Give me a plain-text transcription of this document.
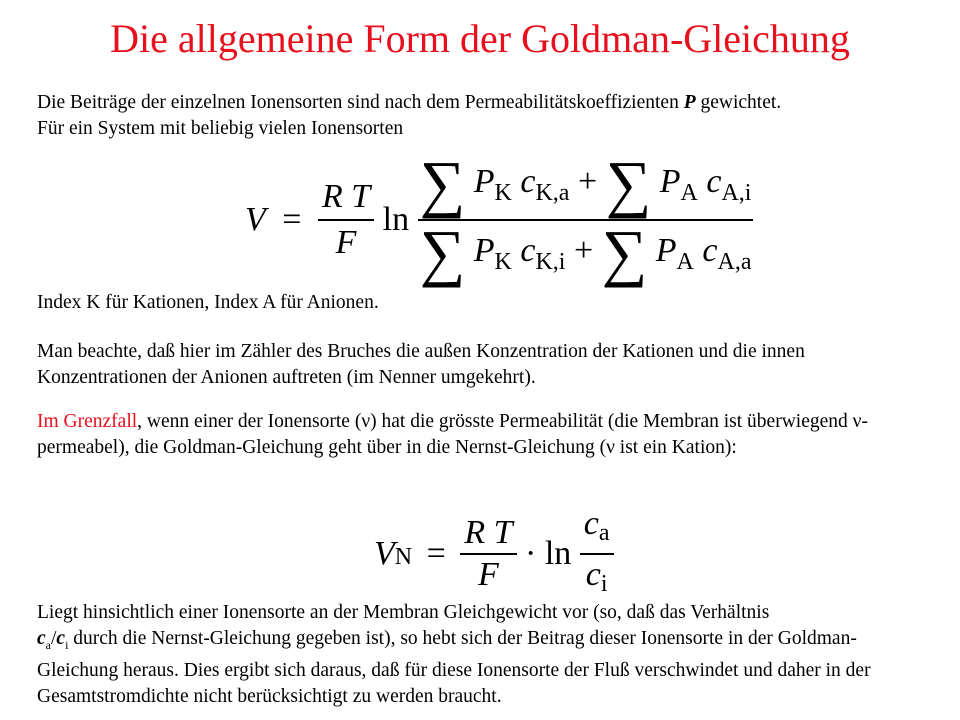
Die allgemeine Form der Goldman-Gleichung
Die Beiträge der einzelnen Ionensorten sind nach dem Permeabilitätskoeffizienten P gewichtet.
Für ein System mit beliebig vielen Ionensorten
$V = \frac{\text{R T}}{F}$ $\ln \frac{\sum P_K c_{K,a} + \sum P_A c_{A,i}}{\sum P_K c_{K,i} + \sum P_A c_{A,a}}$
Index K für Kationen, Index A für Anionen.
Man beachte, daß hier im Zähler des Bruches die außen Konzentration der Kationen und die innen Konzentrationen der Anionen auftreten (im Nenner umgekehrt).
Im Grenzfall, wenn einer der Ionensorte (ν) hat die grösste Permeabilität (die Membran ist überwiegend ν-permeabel), die Goldman-Gleichung geht über in die Nernst-Gleichung (ν ist ein Kation):
VN = $\frac{\text{R T}}{F} \cdot \ln \frac{ca}{ci}$
Liegt hinsichtlich einer Ionensorte an der Membran Gleichgewicht vor (so, daß das Verhältnis
$c_a/c_i$ durch die Nernst-Gleichung gegeben ist), so hebt sich der Beitrag dieser Ionensorte in der Goldman-Gleichung heraus. Dies ergibt sich daraus, daß für diese Ionensorte der Fluß verschwindet und daher in der Gesamtstromdichte nicht berücksichtigt zu werden braucht.
